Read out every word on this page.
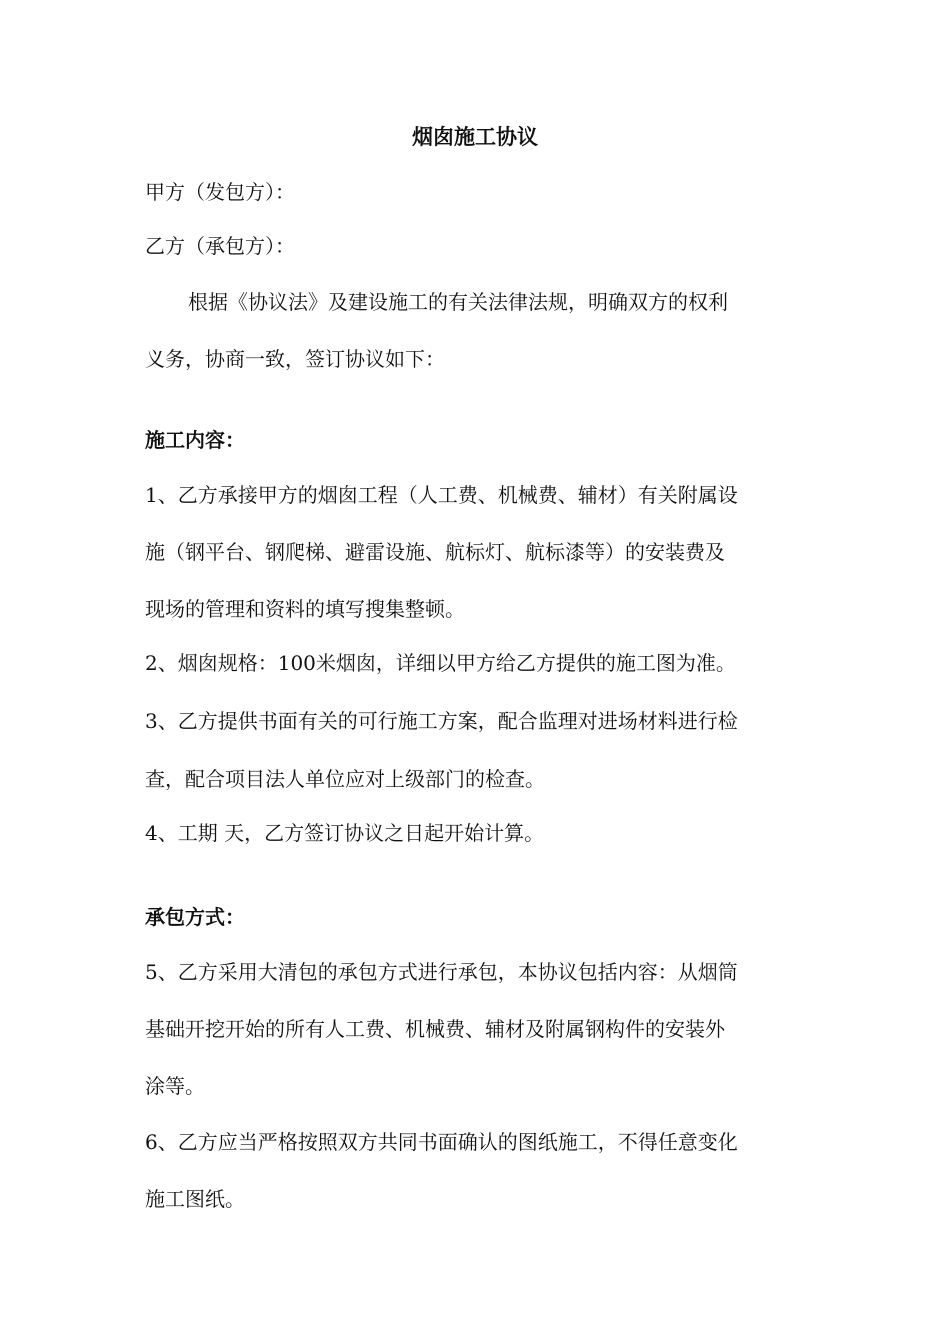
烟囱施工协议

甲方（发包方）：

乙方（承包方）：

根据《协议法》及建设施工的有关法律法规，明确双方的权利

义务，协商一致，签订协议如下：

施工内容：

1、乙方承接甲方的烟囱工程（人工费、机械费、辅材）有关附属设

施（钢平台、钢爬梯、避雷设施、航标灯、航标漆等）的安装费及

现场的管理和资料的填写搜集整顿。

2、烟囱规格：100米烟囱，详细以甲方给乙方提供的施工图为准。

3、乙方提供书面有关的可行施工方案，配合监理对进场材料进行检

查，配合项目法人单位应对上级部门的检查。

4、工期 天，乙方签订协议之日起开始计算。

承包方式：

5、乙方采用大清包的承包方式进行承包，本协议包括内容：从烟筒

基础开挖开始的所有人工费、机械费、辅材及附属钢构件的安装外

涂等。

6、乙方应当严格按照双方共同书面确认的图纸施工，不得任意变化

施工图纸。
